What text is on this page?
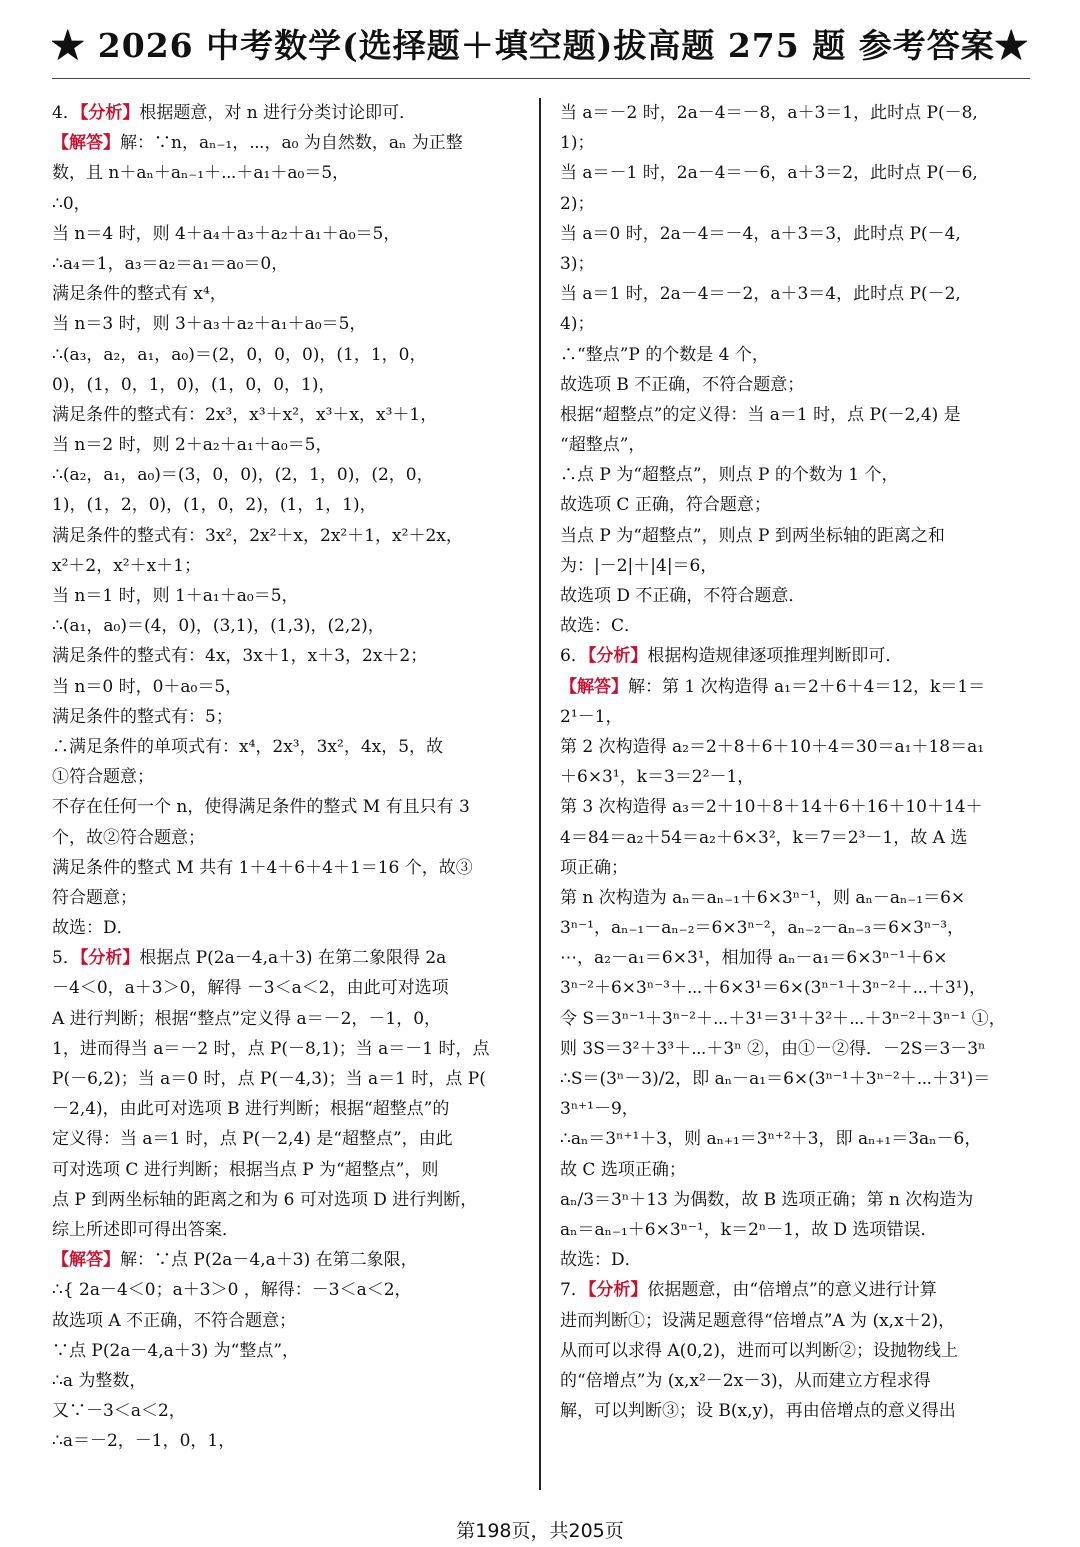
★ 2026 中考数学(选择题＋填空题)拔高题 275 题 参考答案★
4．【分析】根据题意，对 n 进行分类讨论即可．
【解答】解：∵n，aₙ₋₁，⋯，a₀ 为自然数，aₙ 为正整
数，且 n＋aₙ＋aₙ₋₁＋⋯＋a₁＋a₀＝5，
∴0，
当 n＝4 时，则 4＋a₄＋a₃＋a₂＋a₁＋a₀＝5，
∴a₄＝1，a₃＝a₂＝a₁＝a₀＝0，
满足条件的整式有 x⁴，
当 n＝3 时，则 3＋a₃＋a₂＋a₁＋a₀＝5，
∴(a₃，a₂，a₁，a₀)＝(2，0，0，0)，(1，1，0，
0)，(1，0，1，0)，(1，0，0，1)，
满足条件的整式有：2x³，x³＋x²，x³＋x，x³＋1，
当 n＝2 时，则 2＋a₂＋a₁＋a₀＝5，
∴(a₂，a₁，a₀)＝(3，0，0)，(2，1，0)，(2，0，
1)，(1，2，0)，(1，0，2)，(1，1，1)，
满足条件的整式有：3x²，2x²＋x，2x²＋1，x²＋2x，
x²＋2，x²＋x＋1；
当 n＝1 时，则 1＋a₁＋a₀＝5，
∴(a₁，a₀)＝(4，0)，(3,1)，(1,3)，(2,2)，
满足条件的整式有：4x，3x＋1，x＋3，2x＋2；
当 n＝0 时，0＋a₀＝5，
满足条件的整式有：5；
∴满足条件的单项式有：x⁴，2x³，3x²，4x，5，故
①符合题意；
不存在任何一个 n，使得满足条件的整式 M 有且只有 3
个，故②符合题意；
满足条件的整式 M 共有 1＋4＋6＋4＋1＝16 个，故③
符合题意；
故选：D．
5．【分析】根据点 P(2a－4,a＋3) 在第二象限得 2a
－4＜0，a＋3＞0，解得 －3＜a＜2，由此可对选项
A 进行判断；根据“整点”定义得 a＝－2，－1，0，
1，进而得当 a＝－2 时，点 P(－8,1)；当 a＝－1 时，点
P(－6,2)；当 a＝0 时，点 P(－4,3)；当 a＝1 时，点 P(
－2,4)，由此可对选项 B 进行判断；根据“超整点”的
定义得：当 a＝1 时，点 P(－2,4) 是“超整点”，由此
可对选项 C 进行判断；根据当点 P 为“超整点”，则
点 P 到两坐标轴的距离之和为 6 可对选项 D 进行判断，
综上所述即可得出答案．
【解答】解：∵点 P(2a－4,a＋3) 在第二象限，
∴{ 2a－4＜0；a＋3＞0 ，解得：－3＜a＜2，
故选项 A 不正确，不符合题意；
∵点 P(2a－4,a＋3) 为“整点”，
∴a 为整数，
又∵－3＜a＜2，
∴a＝－2，－1，0，1，
当 a＝－2 时，2a－4＝－8，a＋3＝1，此时点 P(－8,
1)；
当 a＝－1 时，2a－4＝－6，a＋3＝2，此时点 P(－6,
2)；
当 a＝0 时，2a－4＝－4，a＋3＝3，此时点 P(－4,
3)；
当 a＝1 时，2a－4＝－2，a＋3＝4，此时点 P(－2,
4)；
∴“整点”P 的个数是 4 个，
故选项 B 不正确，不符合题意；
根据“超整点”的定义得：当 a＝1 时，点 P(－2,4) 是
“超整点”，
∴点 P 为“超整点”，则点 P 的个数为 1 个，
故选项 C 正确，符合题意；
当点 P 为“超整点”，则点 P 到两坐标轴的距离之和
为：|－2|＋|4|＝6，
故选项 D 不正确，不符合题意．
故选：C．
6．【分析】根据构造规律逐项推理判断即可．
【解答】解：第 1 次构造得 a₁＝2＋6＋4＝12，k＝1＝
2¹－1，
第 2 次构造得 a₂＝2＋8＋6＋10＋4＝30＝a₁＋18＝a₁
＋6×3¹，k＝3＝2²－1，
第 3 次构造得 a₃＝2＋10＋8＋14＋6＋16＋10＋14＋
4＝84＝a₂＋54＝a₂＋6×3²，k＝7＝2³－1，故 A 选
项正确；
第 n 次构造为 aₙ＝aₙ₋₁＋6×3ⁿ⁻¹，则 aₙ－aₙ₋₁＝6×
3ⁿ⁻¹，aₙ₋₁－aₙ₋₂＝6×3ⁿ⁻²，aₙ₋₂－aₙ₋₃＝6×3ⁿ⁻³，
⋯，a₂－a₁＝6×3¹，相加得 aₙ－a₁＝6×3ⁿ⁻¹＋6×
3ⁿ⁻²＋6×3ⁿ⁻³＋⋯＋6×3¹＝6×(3ⁿ⁻¹＋3ⁿ⁻²＋⋯＋3¹)，
令 S＝3ⁿ⁻¹＋3ⁿ⁻²＋⋯＋3¹＝3¹＋3²＋⋯＋3ⁿ⁻²＋3ⁿ⁻¹ ①，
则 3S＝3²＋3³＋⋯＋3ⁿ ②，由①－②得．－2S＝3－3ⁿ
∴S＝(3ⁿ－3)/2，即 aₙ－a₁＝6×(3ⁿ⁻¹＋3ⁿ⁻²＋⋯＋3¹)＝
3ⁿ⁺¹－9，
∴aₙ＝3ⁿ⁺¹＋3，则 aₙ₊₁＝3ⁿ⁺²＋3，即 aₙ₊₁＝3aₙ－6，
故 C 选项正确；
aₙ/3＝3ⁿ＋13 为偶数，故 B 选项正确；第 n 次构造为
aₙ＝aₙ₋₁＋6×3ⁿ⁻¹，k＝2ⁿ－1，故 D 选项错误．
故选：D．
7．【分析】依据题意，由“倍增点”的意义进行计算
进而判断①；设满足题意得“倍增点”A 为 (x,x＋2)，
从而可以求得 A(0,2)，进而可以判断②；设抛物线上
的“倍增点”为 (x,x²－2x－3)，从而建立方程求得
解，可以判断③；设 B(x,y)，再由倍增点的意义得出
第198页，共205页
